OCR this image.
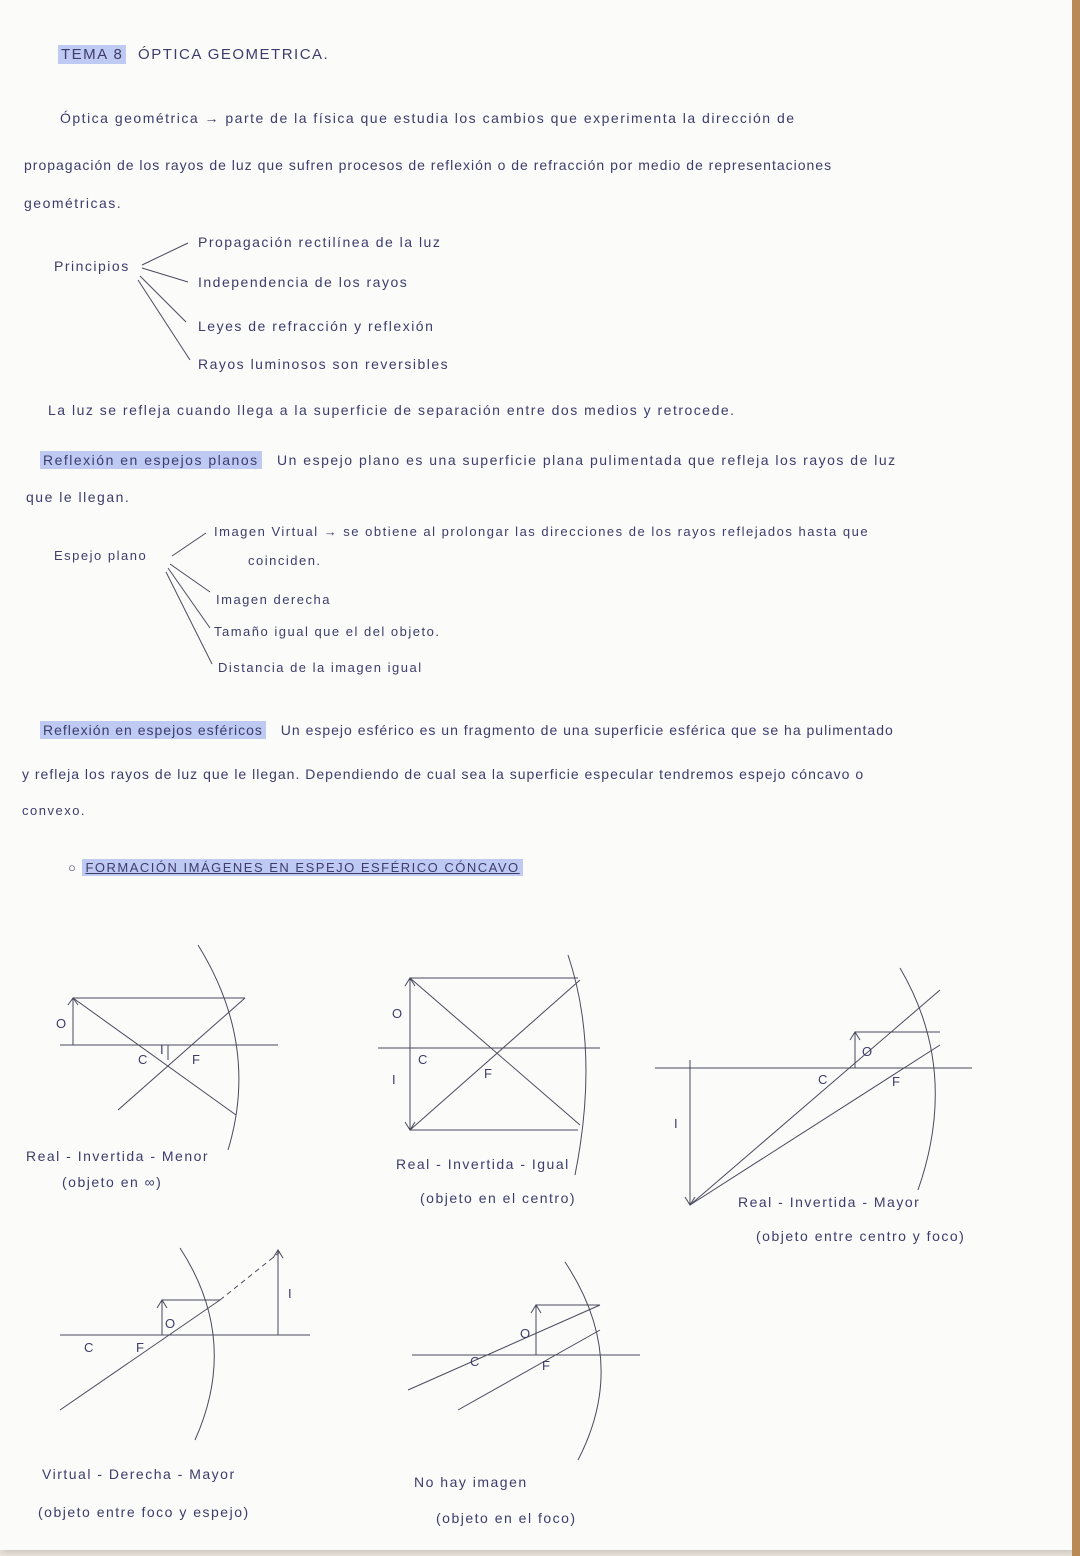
TEMA 8 ÓPTICA GEOMETRICA.
Óptica geométrica → parte de la física que estudia los cambios que experimenta la dirección de
propagación de los rayos de luz que sufren procesos de reflexión o de refracción por medio de representaciones
geométricas.
Principios
Propagación rectilínea de la luz
Independencia de los rayos
Leyes de refracción y reflexión
Rayos luminosos son reversibles
La luz se refleja cuando llega a la superficie de separación entre dos medios y retrocede.
Reflexión en espejos planos Un espejo plano es una superficie plana pulimentada que refleja los rayos de luz
que le llegan.
Espejo plano
Imagen Virtual → se obtiene al prolongar las direcciones de los rayos reflejados hasta que
coinciden.
Imagen derecha
Tamaño igual que el del objeto.
Distancia de la imagen igual
Reflexión en espejos esféricos Un espejo esférico es un fragmento de una superficie esférica que se ha pulimentado
y refleja los rayos de luz que le llegan. Dependiendo de cual sea la superficie especular tendremos espejo cóncavo o
convexo.
○ FORMACIÓN IMÁGENES EN ESPEJO ESFÉRICO CÓNCAVO
O
I
C	F
Real - Invertida - Menor
(objeto en ∞)
O
I
C
F
Real - Invertida - Igual
(objeto en el centro)
O
I
C	F
Real - Invertida - Mayor
(objeto entre centro y foco)
O
I
C	F
Virtual - Derecha - Mayor
(objeto entre foco y espejo)
O
C	F
No hay imagen
(objeto en el foco)
